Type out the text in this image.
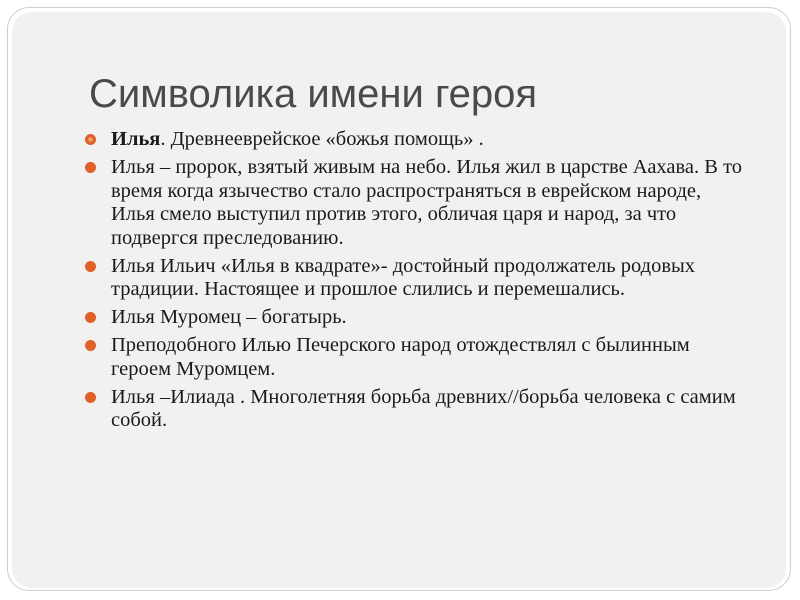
Символика имени героя
Илья. Древнееврейское «божья помощь» .
Илья – пророк, взятый живым на небо. Илья жил в царстве Аахава. В то время когда язычество стало распространяться в еврейском народе, Илья смело выступил против этого, обличая царя и народ, за что подвергся преследованию.
Илья Ильич «Илья в квадрате»- достойный продолжатель родовых традиции. Настоящее и прошлое слились и перемешались.
Илья Муромец – богатырь.
Преподобного Илью Печерского народ отождествлял с былинным героем Муромцем.
Илья –Илиада . Многолетняя борьба древних//борьба человека с самим собой.
